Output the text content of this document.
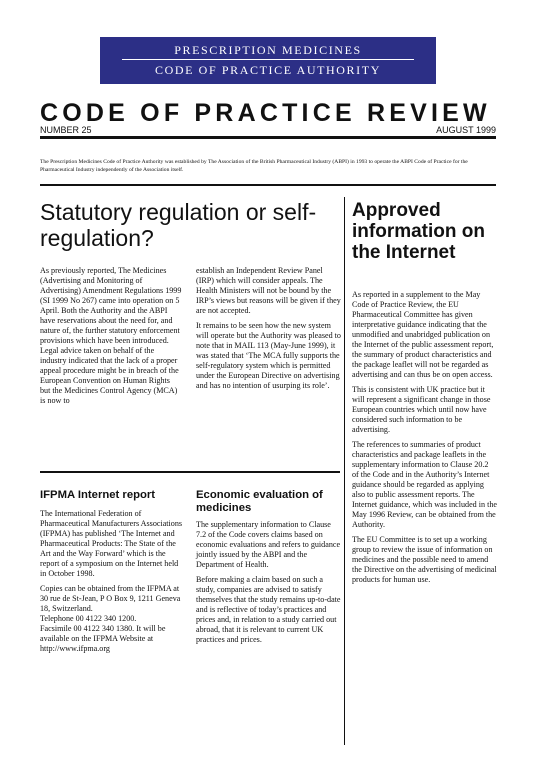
PRESCRIPTION MEDICINES
CODE OF PRACTICE AUTHORITY
CODE OF PRACTICE REVIEW
NUMBER 25	AUGUST 1999
The Prescription Medicines Code of Practice Authority was established by The Association of the British Pharmaceutical Industry (ABPI) in 1993 to operate the ABPI Code of Practice for the Pharmaceutical Industry independently of the Association itself.
Statutory regulation or self-regulation?

As previously reported, The Medicines (Advertising and Monitoring of Advertising) Amendment Regulations 1999 (SI 1999 No 267) came into operation on 5 April. Both the Authority and the ABPI have reservations about the need for, and nature of, the further statutory enforcement provisions which have been introduced. Legal advice taken on behalf of the industry indicated that the lack of a proper appeal procedure might be in breach of the European Convention on Human Rights but the Medicines Control Agency (MCA) is now to

establish an Independent Review Panel (IRP) which will consider appeals. The Health Ministers will not be bound by the IRP’s views but reasons will be given if they are not accepted.

It remains to be seen how the new system will operate but the Authority was pleased to note that in MAIL 113 (May-June 1999), it was stated that ‘The MCA fully supports the self-regulatory system which is permitted under the European Directive on advertising and has no intention of usurping its role’.

IFPMA Internet report

The International Federation of Pharmaceutical Manufacturers Associations (IFPMA) has published ‘The Internet and Pharmaceutical Products: The State of the Art and the Way Forward’ which is the report of a symposium on the Internet held in October 1998.

Copies can be obtained from the IFPMA at 30 rue de St-Jean, P O Box 9, 1211 Geneva 18, Switzerland.

Telephone 00 4122 340 1200.

Facsimile 00 4122 340 1380. It will be available on the IFPMA Website at http://www.ifpma.org

Economic evaluation of medicines

The supplementary information to Clause 7.2 of the Code covers claims based on economic evaluations and refers to guidance jointly issued by the ABPI and the Department of Health.

Before making a claim based on such a study, companies are advised to satisfy themselves that the study remains up-to-date and is reflective of today’s practices and prices and, in relation to a study carried out abroad, that it is relevant to current UK practices and prices.

Approved information on the Internet

As reported in a supplement to the May Code of Practice Review, the EU Pharmaceutical Committee has given interpretative guidance indicating that the unmodified and unabridged publication on the Internet of the public assessment report, the summary of product characteristics and the package leaflet will not be regarded as advertising and can thus be on open access.

This is consistent with UK practice but it will represent a significant change in those European countries which until now have considered such information to be advertising.

The references to summaries of product characteristics and package leaflets in the supplementary information to Clause 20.2 of the Code and in the Authority’s Internet guidance should be regarded as applying also to public assessment reports. The Internet guidance, which was included in the May 1996 Review, can be obtained from the Authority.

The EU Committee is to set up a working group to review the issue of information on medicines and the possible need to amend the Directive on the advertising of medicinal products for human use.
